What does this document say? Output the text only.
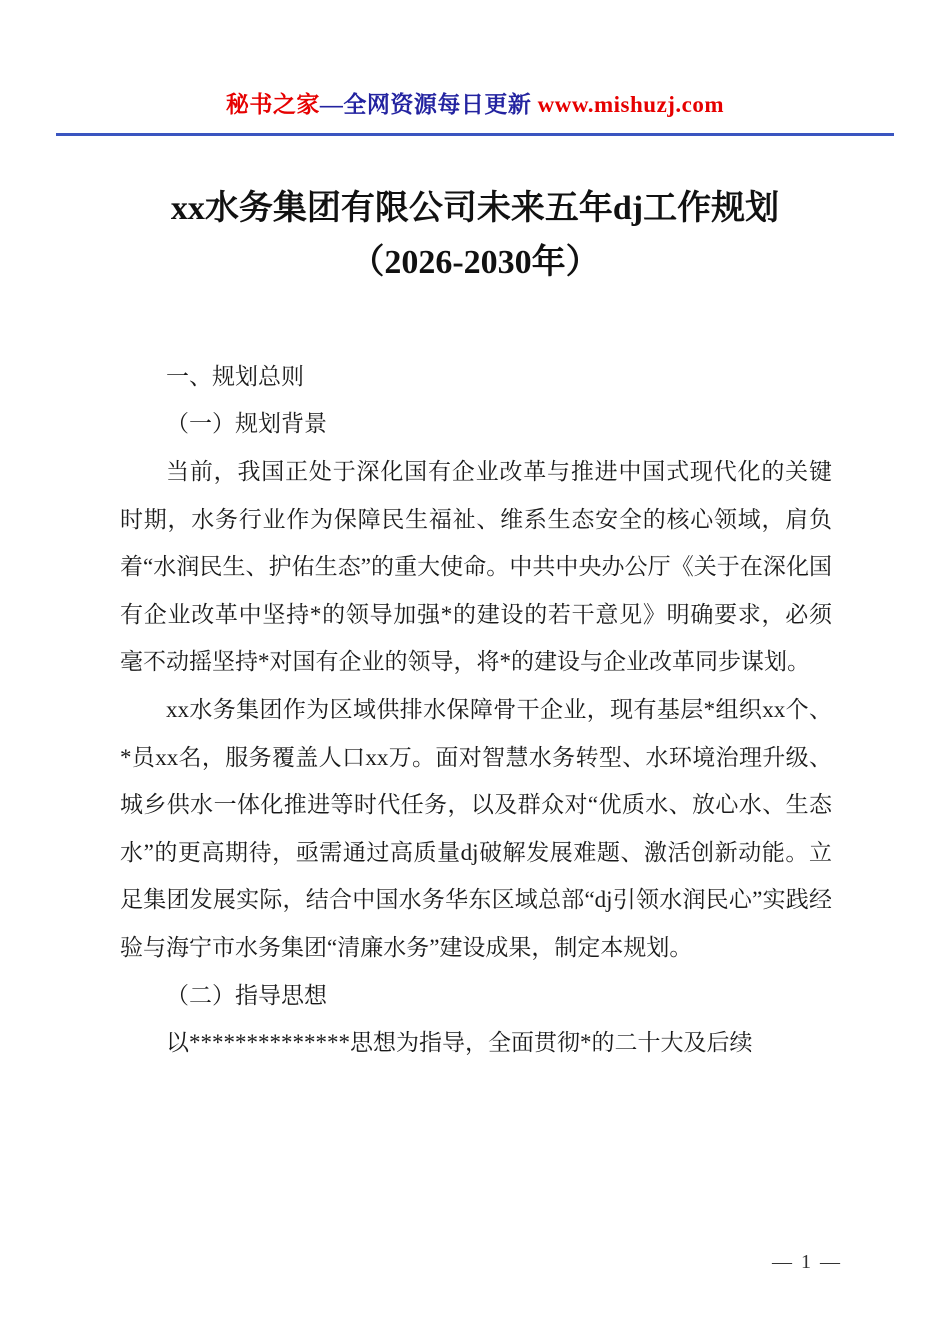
秘书之家—全网资源每日更新 www.mishuzj.com
xx水务集团有限公司未来五年dj工作规划
（2026-2030年）

一、规划总则

（一）规划背景

当前，我国正处于深化国有企业改革与推进中国式现代化的关键时期，水务行业作为保障民生福祉、维系生态安全的核心领域，肩负着“水润民生、护佑生态”的重大使命。中共中央办公厅《关于在深化国有企业改革中坚持*的领导加强*的建设的若干意见》明确要求，必须毫不动摇坚持*对国有企业的领导，将*的建设与企业改革同步谋划。

xx水务集团作为区域供排水保障骨干企业，现有基层*组织xx个、*员xx名，服务覆盖人口xx万。面对智慧水务转型、水环境治理升级、城乡供水一体化推进等时代任务，以及群众对“优质水、放心水、生态水”的更高期待，亟需通过高质量dj破解发展难题、激活创新动能。立足集团发展实际，结合中国水务华东区域总部“dj引领水润民心”实践经验与海宁市水务集团“清廉水务”建设成果，制定本规划。

（二）指导思想

以**************思想为指导，全面贯彻*的二十大及后续

— 1 —
